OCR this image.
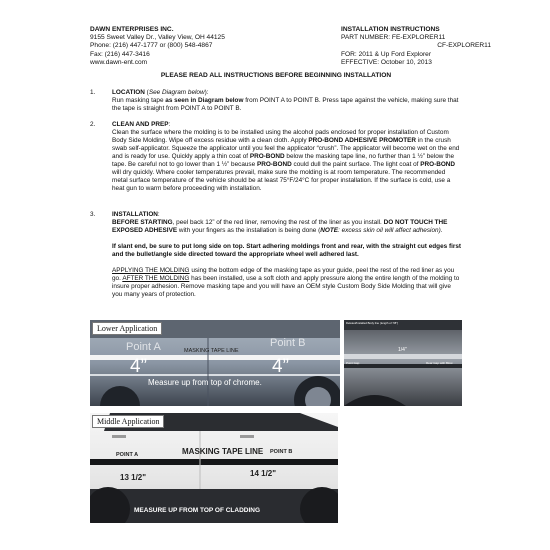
DAWN ENTERPRISES INC.
9155 Sweet Valley Dr., Valley View, OH 44125
Phone: (216) 447-1777 or (800) 548-4867
Fax: (216) 447-3416
www.dawn-ent.com
INSTALLATION INSTRUCTIONS
PART NUMBER: FE-EXPLORER11
CF-EXPLORER11
FOR: 2011 & Up Ford Explorer
EFFECTIVE: October 10, 2013
PLEASE READ ALL INSTRUCTIONS BEFORE BEGINNING INSTALLATION
1.	LOCATION (See Diagram below):

Run masking tape as seen in Diagram below from POINT A to POINT B. Press tape against the vehicle, making sure that the tape is straight from POINT A to POINT B.

2.	CLEAN AND PREP:

Clean the surface where the molding is to be installed using the alcohol pads enclosed for proper installation of Custom Body Side Molding. Wipe off excess residue with a clean cloth. Apply PRO-BOND ADHESIVE PROMOTER in the crush swab self-applicator. Squeeze the applicator until you feel the applicator “crush”. The applicator will become wet on the end and is ready for use. Quickly apply a thin coat of PRO-BOND below the masking tape line, no further than 1 ½” below the tape. Be careful not to go lower than 1 ½” because PRO-BOND could dull the paint surface. The light coat of PRO-BOND will dry quickly. Where cooler temperatures prevail, make sure the molding is at room temperature. The recommended metal surface temperature of the vehicle should be at least 75°F/24°C for proper installation. If the surface is cold, use a heat gun to warm before proceeding with installation.

3.	INSTALLATION:

BEFORE STARTING, peel back 12” of the red liner, removing the rest of the liner as you install. DO NOT TOUCH THE EXPOSED ADHESIVE with your fingers as the installation is being done (NOTE: excess skin oil will affect adhesion).

If slant end, be sure to put long side on top. Start adhering moldings front and rear, with the straight cut edges first and the bullet/angle side directed toward the appropriate wheel well adhered last.

APPLYING THE MOLDING using the bottom edge of the masking tape as your guide, peel the rest of the red liner as you go. AFTER THE MOLDING has been installed, use a soft cloth and apply pressure along the entire length of the molding to insure proper adhesion. Remove masking tape and you will have an OEM style Custom Body Side Molding that will give you many years of protection.

Lower Application
Point A	Point B
MASKING TAPE LINE
4”	4”
Measure up from top of chrome.
Deleted/Installed Body line (length of 7/8")
1/4"
Point Gap	Rear Gap with Blow
Middle Application
POINT A	POINT B
MASKING TAPE LINE
13 1/2"	14 1/2"
MEASURE UP FROM TOP OF CLADDING
